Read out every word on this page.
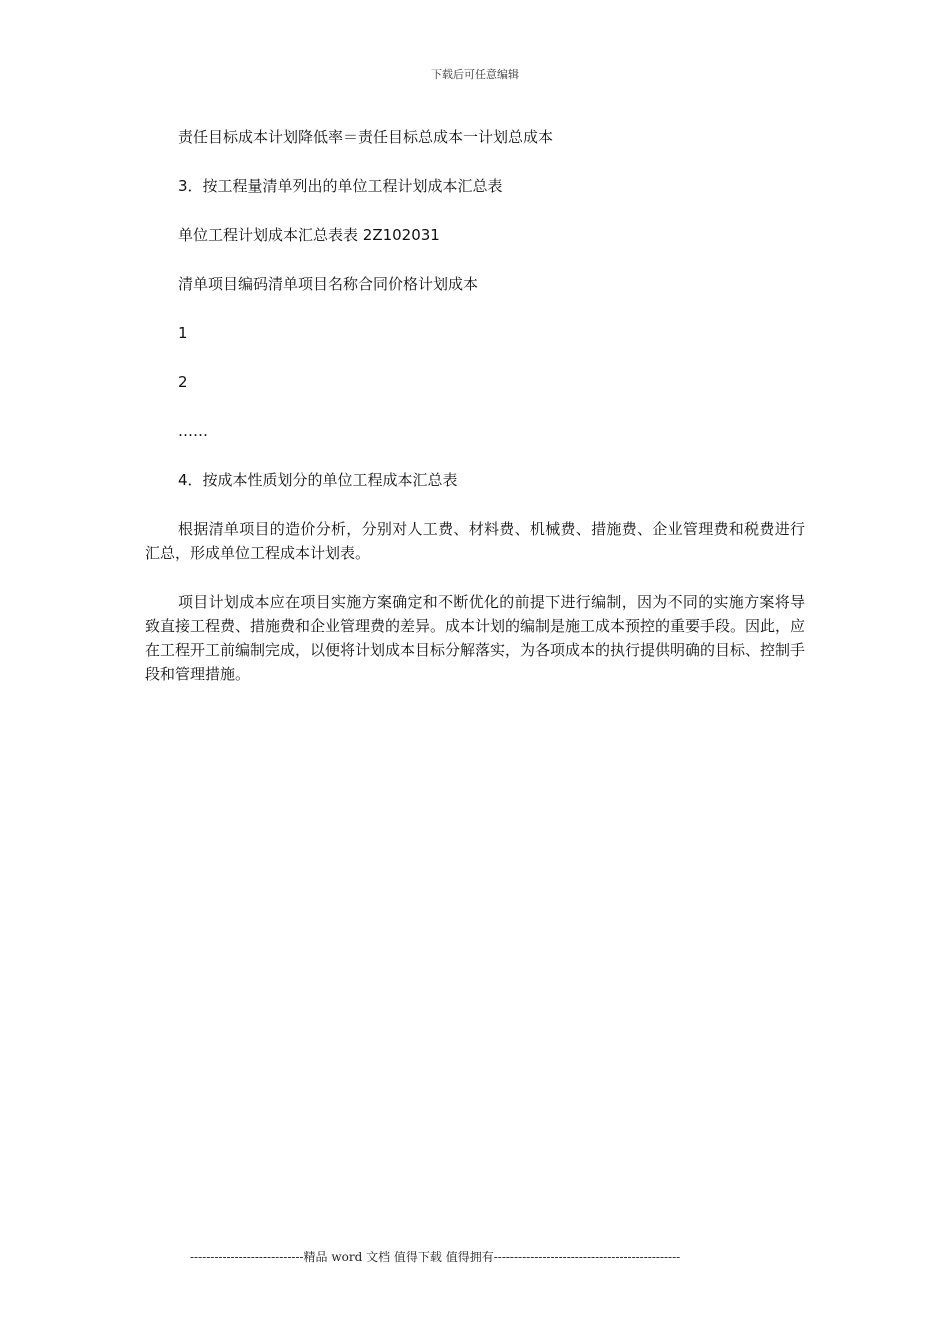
下载后可任意编辑
责任目标成本计划降低率＝责任目标总成本一计划总成本
3．按工程量清单列出的单位工程计划成本汇总表
单位工程计划成本汇总表表 2Z102031
清单项目编码清单项目名称合同价格计划成本
1
2
……
4．按成本性质划分的单位工程成本汇总表
根据清单项目的造价分析，分别对人工费、材料费、机械费、措施费、企业管理费和税费进行汇总，形成单位工程成本计划表。
项目计划成本应在项目实施方案确定和不断优化的前提下进行编制，因为不同的实施方案将导致直接工程费、措施费和企业管理费的差异。成本计划的编制是施工成本预控的重要手段。因此，应在工程开工前编制完成，以便将计划成本目标分解落实，为各项成本的执行提供明确的目标、控制手段和管理措施。
----------------------------精品 word 文档 值得下载 值得拥有----------------------------------------------
